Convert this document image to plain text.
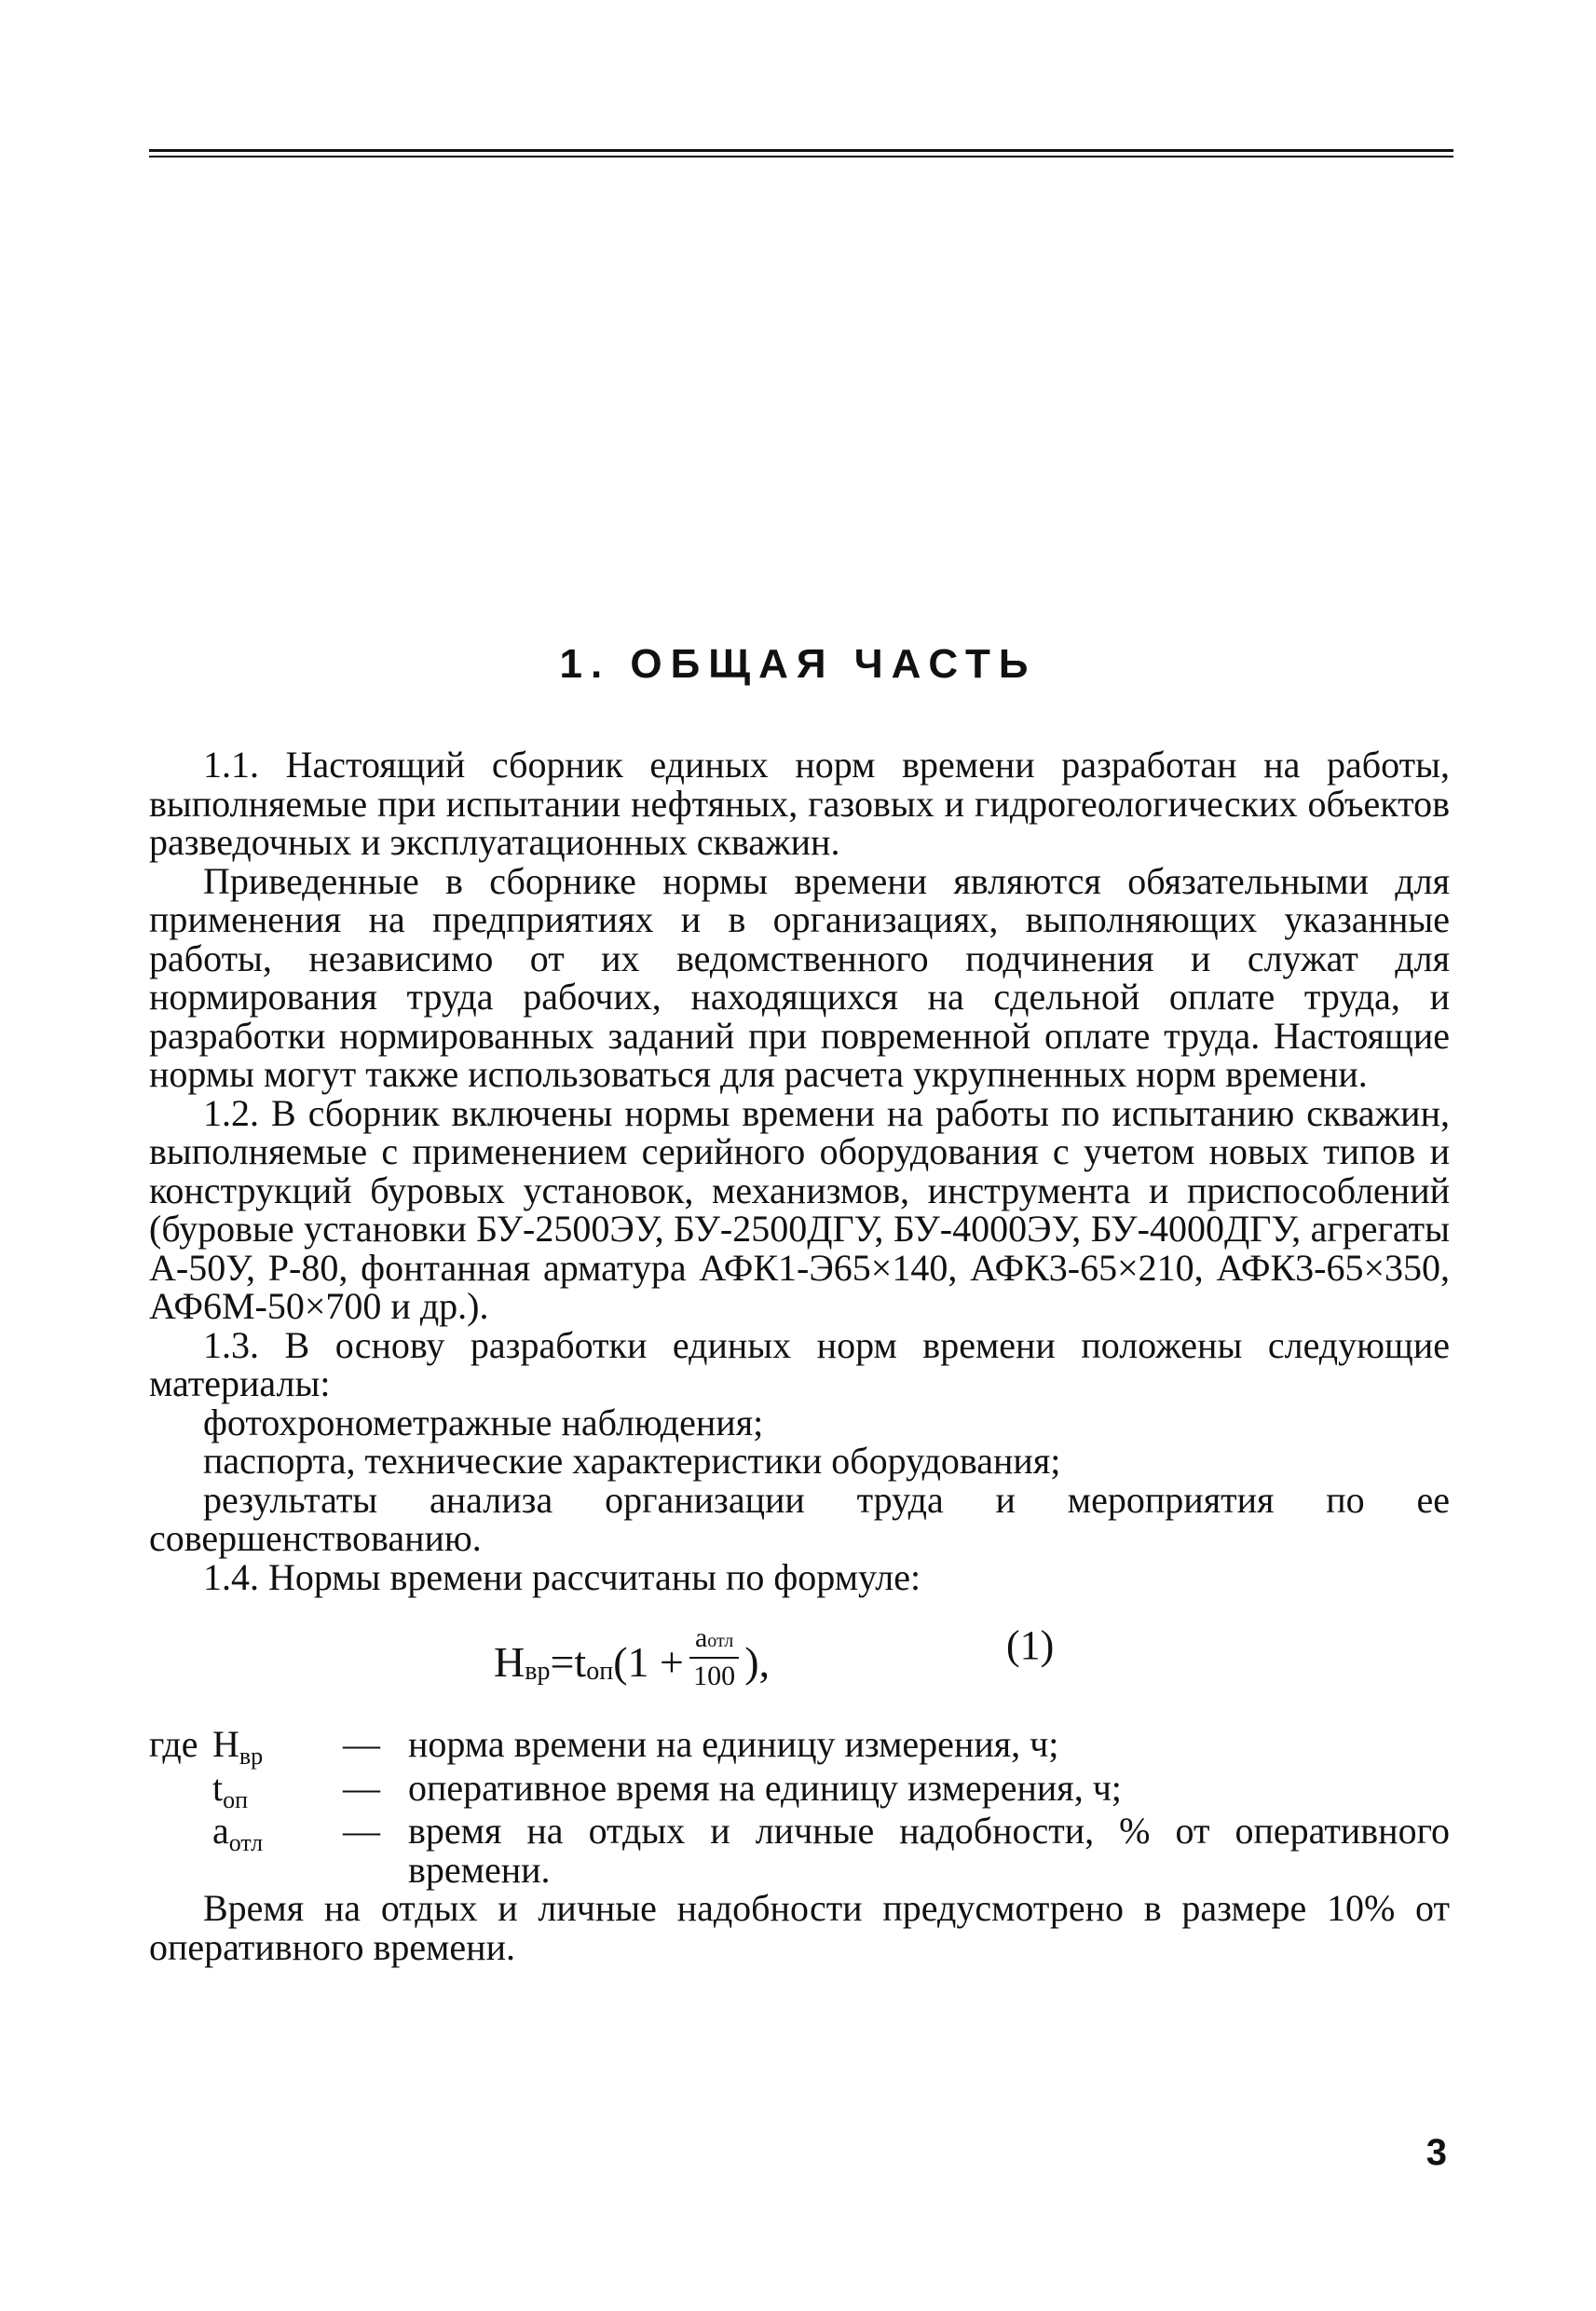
1. ОБЩАЯ ЧАСТЬ

1.1. Настоящий сборник единых норм времени разработан на работы, выполняемые при испытании нефтяных, газовых и гидрогеологических объектов разведочных и эксплуатационных скважин.

Приведенные в сборнике нормы времени являются обязательными для применения на предприятиях и в организациях, выполняющих указанные работы, независимо от их ведомственного подчинения и служат для нормирования труда рабочих, находящихся на сдельной оплате труда, и разработки нормированных заданий при повременной оплате труда. Настоящие нормы могут также использоваться для расчета укрупненных норм времени.

1.2. В сборник включены нормы времени на работы по испытанию скважин, выполняемые с применением серийного оборудования с учетом новых типов и конструкций буровых установок, механизмов, инструмента и приспособлений (буровые установки БУ-2500ЭУ, БУ-2500ДГУ, БУ-4000ЭУ, БУ-4000ДГУ, агрегаты А-50У, Р-80, фонтанная арматура АФК1-Э65×140, АФК3-65×210, АФК3-65×350, АФ6М-50×700 и др.).

1.3. В основу разработки единых норм времени положены следующие материалы:

фотохронометражные наблюдения;

паспорта, технические характеристики оборудования;

результаты анализа организации труда и мероприятия по ее совершенствованию.

1.4. Нормы времени рассчитаны по формуле:

Н вр = t оп ($1 + \frac{\text{aотл}}{100}$ ),	(1)
где $Н_{вр}$	— норма времени на единицу измерения, ч;
$t_{оп}$	— оперативное время на единицу измерения, ч;
$a_{отл}$	— время на отдых и личные надобности, % от оперативного времени.

Время на отдых и личные надобности предусмотрено в размере 10% от оперативного времени.

3
